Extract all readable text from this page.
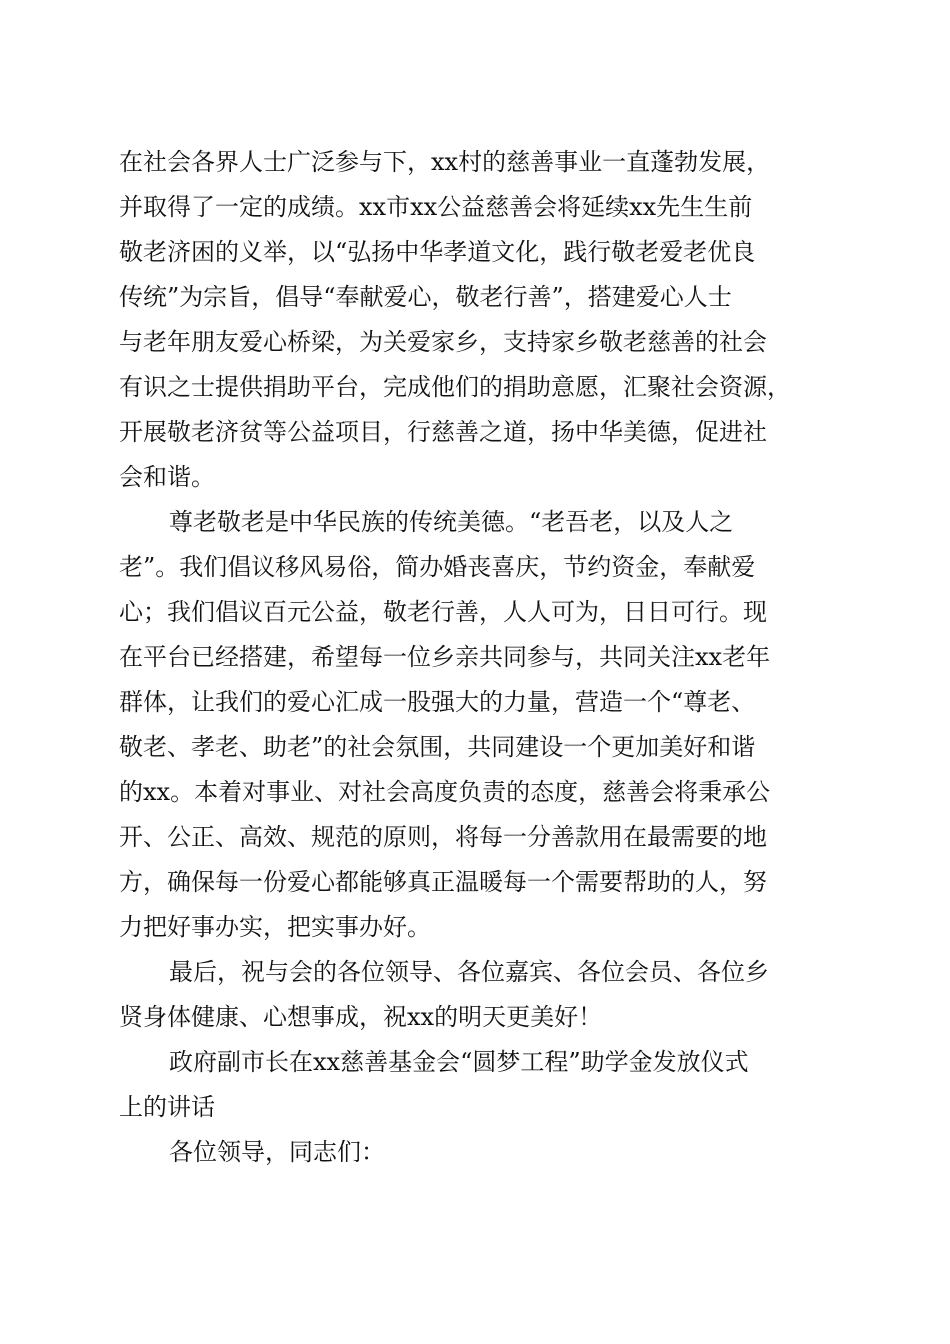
在社会各界人士广泛参与下，xx村的慈善事业一直蓬勃发展，
并取得了一定的成绩。xx市xx公益慈善会将延续xx先生生前
敬老济困的义举，以“弘扬中华孝道文化，践行敬老爱老优良
传统”为宗旨，倡导“奉献爱心，敬老行善”，搭建爱心人士
与老年朋友爱心桥梁，为关爱家乡，支持家乡敬老慈善的社会
有识之士提供捐助平台，完成他们的捐助意愿，汇聚社会资源，
开展敬老济贫等公益项目，行慈善之道，扬中华美德，促进社
会和谐。
尊老敬老是中华民族的传统美德。“老吾老，以及人之
老”。我们倡议移风易俗，简办婚丧喜庆，节约资金，奉献爱
心；我们倡议百元公益，敬老行善，人人可为，日日可行。现
在平台已经搭建，希望每一位乡亲共同参与，共同关注xx老年
群体，让我们的爱心汇成一股强大的力量，营造一个“尊老、
敬老、孝老、助老”的社会氛围，共同建设一个更加美好和谐
的xx。本着对事业、对社会高度负责的态度，慈善会将秉承公
开、公正、高效、规范的原则，将每一分善款用在最需要的地
方，确保每一份爱心都能够真正温暖每一个需要帮助的人，努
力把好事办实，把实事办好。
最后，祝与会的各位领导、各位嘉宾、各位会员、各位乡
贤身体健康、心想事成，祝xx的明天更美好！
政府副市长在xx慈善基金会“圆梦工程”助学金发放仪式
上的讲话
各位领导，同志们：
